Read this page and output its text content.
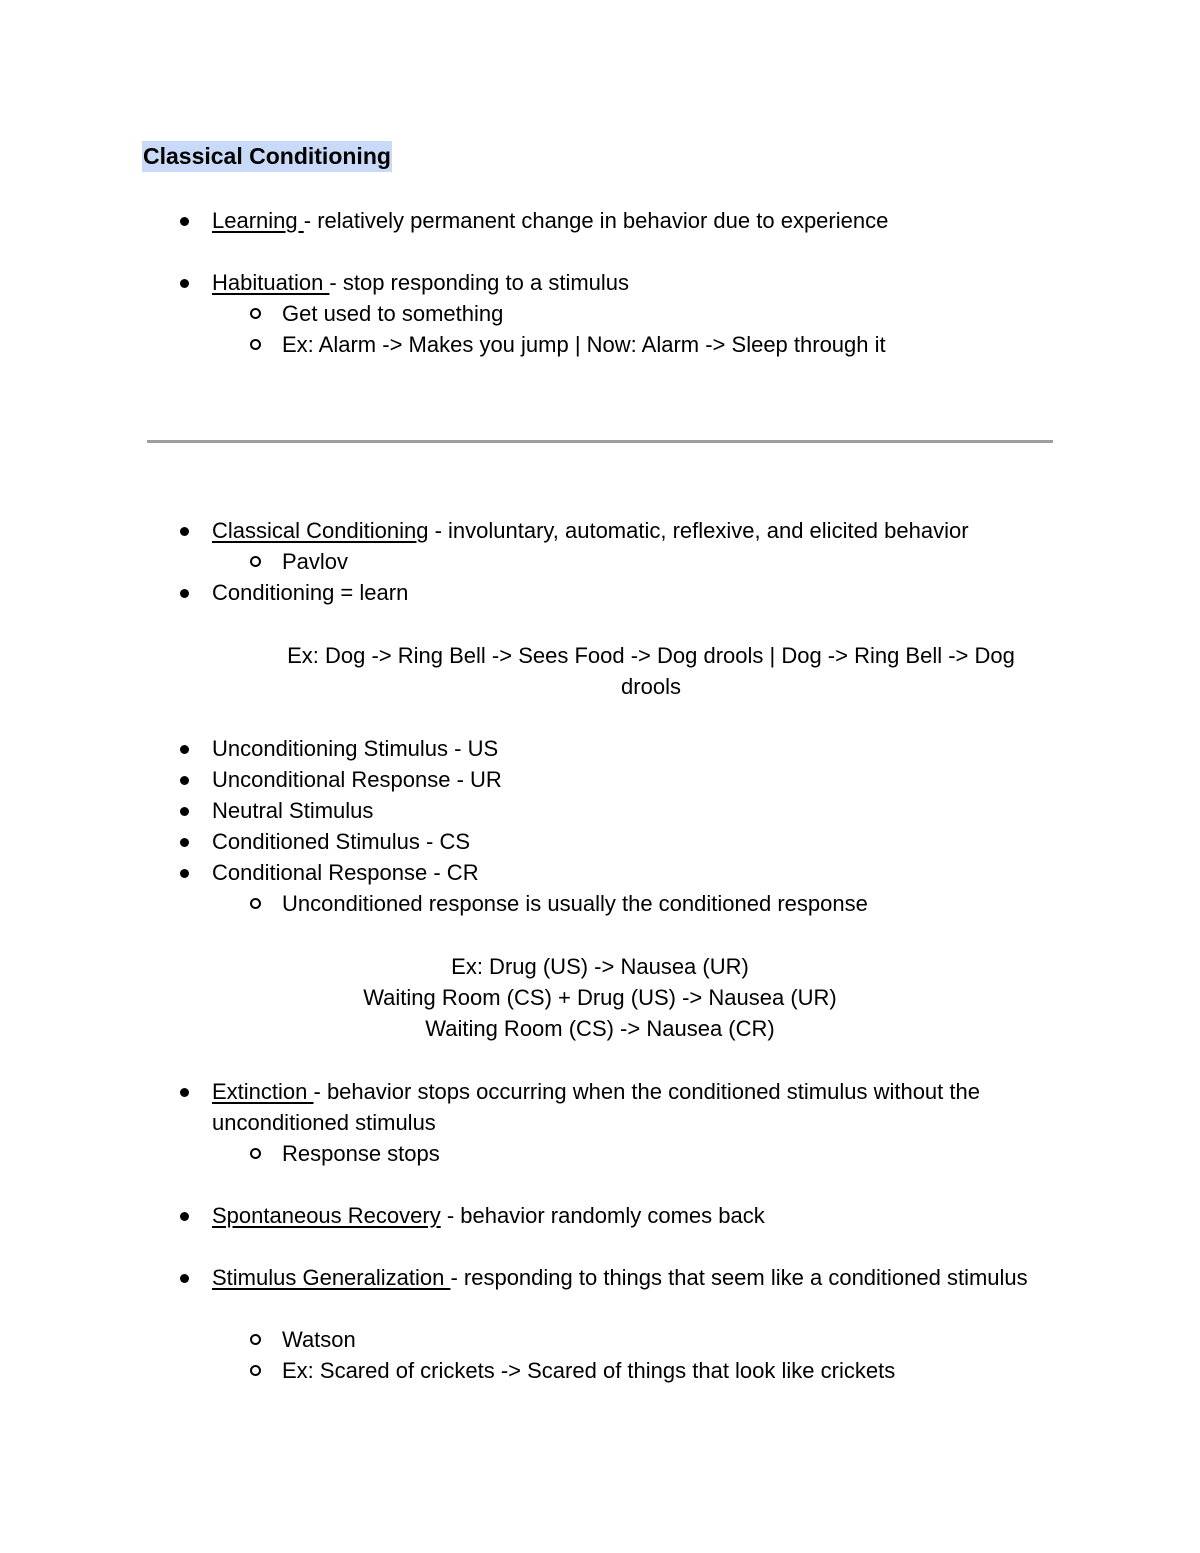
Classical Conditioning
Learning - relatively permanent change in behavior due to experience
Habituation - stop responding to a stimulus
Get used to something
Ex: Alarm -> Makes you jump | Now: Alarm -> Sleep through it
Classical Conditioning - involuntary, automatic, reflexive, and elicited behavior
Pavlov
Conditioning = learn
Ex: Dog -> Ring Bell -> Sees Food -> Dog drools | Dog -> Ring Bell -> Dog
drools
Unconditioning Stimulus - US
Unconditional Response - UR
Neutral Stimulus
Conditioned Stimulus - CS
Conditional Response - CR
Unconditioned response is usually the conditioned response
Ex: Drug (US) -> Nausea (UR)
Waiting Room (CS) + Drug (US) -> Nausea (UR)
Waiting Room (CS) -> Nausea (CR)
Extinction - behavior stops occurring when the conditioned stimulus without the unconditioned stimulus
Response stops
Spontaneous Recovery - behavior randomly comes back
Stimulus Generalization - responding to things that seem like a conditioned stimulus
Watson
Ex: Scared of crickets -> Scared of things that look like crickets
